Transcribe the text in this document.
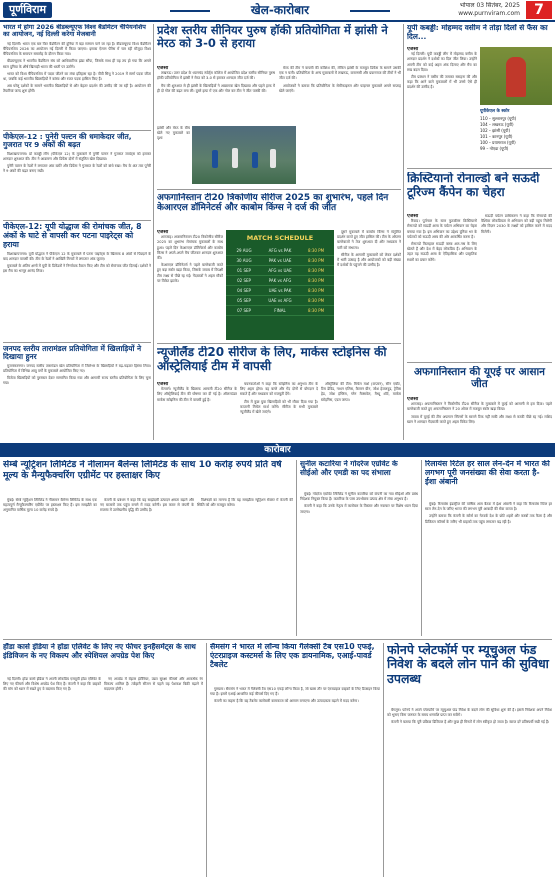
पूर्णविराम	खेल-कारोबार	भोपाल 03 सितंबर, 2025
www.purnviram.com	7
भारत में होगा 2026 बीडब्ल्यूएफ विश्व बैडमिंटन चैंपियनशिप का आयोजन, नई दिल्ली करेगा मेजबानी

नई दिल्ली। भारत एक बार फिर बैडमिंटन की दुनिया में बड़ा सम्मान पाने जा रहा है। बीडब्ल्यूएफ विश्व बैडमिंटन चैंपियनशिप 2026 का आयोजन नई दिल्ली में किया जाएगा। इसका ऐलान पेरिस में चल रही मौजूदा विश्व चैंपियनशिप के समापन समारोह के दौरान किया गया।

बीडब्ल्यूएफ ने भारतीय बैडमिंटन संघ को आधिकारिक झंडा सौंपा, जिसके साथ ही यह तय हो गया कि अगले साल दुनिया के शीर्ष खिलाड़ी भारत की धरती पर उतरेंगे।

भारत को विश्व चैंपियनशिप में पदक जीतने का लंबा इतिहास रहा है। पीवी सिंधु ने 2019 में स्वर्ण पदक जीता था, जबकि कई भारतीय खिलाड़ियों ने कांस्य और रजत पदक हासिल किए हैं।

अब घरेलू दर्शकों के सामने भारतीय खिलाड़ियों से और बेहतर प्रदर्शन की उम्मीद की जा रही है। आयोजन की तैयारियां जल्द शुरू होंगी।

पीकेएल-12 : पुनेरी पल्टन की धमाकेदार जीत, गुजरात पर 9 अंकों की बढ़त

विशाखापत्तनम। प्रो कबड्डी लीग (पीकेएल 12) के मुकाबले में पुनेरी पल्टन ने गुजरात जायंट्स को हराकर शानदार शुरुआत की। टीम ने आक्रमण और डिफेंस दोनों में संतुलित खेल दिखाया।

पुनेरी पल्टन के रेडरों ने लगातार अंक बटोरे और डिफेंस ने गुजरात के रेडरों को बांधे रखा। मैच के अंत तक पुनेरी ने 9 अंकों की बढ़त बनाए रखी।

पीकेएल-12: यूपी योद्धाज की रोमांचक जीत, 8 अंकों के घाटे से वापसी कर पटना पाइरेट्स को हराया

विशाखापत्तनम। यूपी योद्धाज ने पीकेएल 12 के मुकाबले में पटना पाइरेट्स के खिलाफ 8 अंकों से पिछड़ने के बाद शानदार वापसी की। टीम के रेडरों ने आखिरी मिनटों में लगातार अंक जुटाए।

मुकाबले के अंतिम क्षणों में यूपी के डिफेंडरों ने निर्णायक टैकल किए और टीम को रोमांचक जीत दिलाई। दर्शकों ने इस मैच का भरपूर आनंद लिया।

जनपद स्तरीय तारामंडल प्रतियोगिता में खिलाड़ियों ने दिखाया हुनर

मुजफ्फरनगर। जनपद स्तरीय तारामंडल खेल प्रतियोगिता में जिलेभर के खिलाड़ियों ने बढ़-चढ़कर हिस्सा लिया। प्रतियोगिता में विभिन्न आयु वर्गों के मुकाबले आयोजित किए गए।

विजेता खिलाड़ियों को पुरस्कार देकर सम्मानित किया गया और आगामी राज्य स्तरीय प्रतियोगिता के लिए चुना गया।

प्रदेश स्तरीय सीनियर पुरुष हॉकी प्रतियोगिता में झांसी ने मेरठ को 3-0 से हराया
एजेंसी

लखनऊ। उत्तर प्रदेश के ध्यानचंद स्पोर्ट्स कॉलेज में आयोजित प्रदेश स्तरीय सीनियर पुरुष हॉकी प्रतियोगिता में झांसी ने मेरठ को 3-0 से हराकर शानदार जीत दर्ज की।

मैच की शुरुआत से ही झांसी के खिलाड़ियों ने आक्रामक खेल दिखाया और पहले हाफ में ही दो गोल की बढ़त बना ली। दूसरे हाफ में एक और गोल कर टीम ने जीत पक्की की।

मेरठ की टीम ने वापसी की कोशिश की, लेकिन झांसी के मजबूत डिफेंस के सामने उसकी एक न चली। प्रतियोगिता के अन्य मुकाबलों में लखनऊ, वाराणसी और प्रयागराज की टीमों ने भी जीत दर्ज की।

आयोजकों ने बताया कि प्रतियोगिता के सेमीफाइनल और फाइनल मुकाबले अगले सप्ताह खेले जाएंगे।

झांसी और मेरठ के बीच खेले गए मुकाबले का दृश्य
अफगानिस्तान टी20 त्रिकोणीय सीरीज 2025 का शुभारंभ, पहले दिन केआरएल डॉमिनेटर्स और काबोम किंग्स ने दर्ज की जीत
एजेंसी

शारजाह। अफगानिस्तान टी20 त्रिकोणीय सीरीज 2025 का शुभारंभ रोमांचक मुकाबलों के साथ हुआ। पहले दिन केआरएल डॉमिनेटर्स और काबोम किंग्स ने अपने-अपने मैच जीतकर शानदार शुरुआत की।

केआरएल डॉमिनेटर्स ने पहले बल्लेबाजी करते हुए बड़ा स्कोर खड़ा किया, जिसके जवाब में विपक्षी टीम लक्ष्य से पीछे रह गई। गेंदबाजों ने अहम मौकों पर विकेट झटके।

MATCH SCHEDULE
29 AUG	AFG vs PAK	8:30 PM
30 AUG	PAK vs UAE	8:30 PM
01 SEP	AFG vs UAE	8:30 PM
02 SEP	PAK vs AFG	8:30 PM
04 SEP	UAE vs PAK	8:30 PM
05 SEP	UAE vs AFG	8:30 PM
07 SEP	FINAL	8:30 PM

दूसरे मुकाबले में काबोम किंग्स ने संतुलित प्रदर्शन करते हुए जीत हासिल की। टीम के ओपनर बल्लेबाजों ने तेज शुरुआत दी और मध्यक्रम ने पारी को संभाला।

सीरीज के आगामी मुकाबलों को लेकर दर्शकों में भारी उत्साह है और आयोजकों को बड़ी संख्या में दर्शकों के पहुंचने की उम्मीद है।

न्यूजीलैंड टी20 सीरीज के लिए, मार्कस स्टोइनिस की ऑस्ट्रेलियाई टीम में वापसी
एजेंसी

मेलबर्न। न्यूजीलैंड के खिलाफ आगामी टी20 सीरीज के लिए ऑस्ट्रेलियाई टीम की घोषणा कर दी गई है। ऑलराउंडर मार्कस स्टोइनिस की टीम में वापसी हुई है।

चयनकर्ताओं ने कहा कि स्टोइनिस का अनुभव टीम के लिए अहम होगा। वह बल्ले और गेंद दोनों से योगदान दे सकते हैं और मध्यक्रम को मजबूती देंगे।

टीम में कुछ युवा खिलाड़ियों को भी मौका दिया गया है। कप्तानी मिचेल मार्श करेंगे। सीरीज के सभी मुकाबले न्यूजीलैंड में खेले जाएंगे।

ऑस्ट्रेलिया की टीम: मिचेल मार्श (कप्तान), सीन एबॉट, टिम डेविड, नाथन एलिस, कैमरन ग्रीन, जोश हेजलवुड, ट्रेविस हेड, जोश इंग्लिस, ग्लेन मैक्सवेल, मैथ्यू शॉर्ट, मार्कस स्टोइनिस, एडम जम्पा।

यूपी कबड्डी: मोहम्मद वसीम ने तोड़ा दिलों से फैंस का दिल...
एजेंसी

नई दिल्ली। यूपी कबड्डी लीग में मोहम्मद वसीम के शानदार प्रदर्शन ने दर्शकों का दिल जीत लिया। उन्होंने अपनी टीम को कई अहम अंक दिलाए और मैच का रुख बदल दिया।

टीम प्रबंधन ने वसीम की जमकर सराहना की और कहा कि आने वाले मुकाबलों में भी उनसे ऐसे ही प्रदर्शन की उम्मीद है।

यूपीकेएल के स्कोर
110 – सुल्तानपुर (यूपी)
104 – लखनऊ (यूपी)
102 – झांसी (यूपी)
101 – कानपुर (यूपी)
100 – प्रयागराज (यूपी)
99 – नोएडा (यूपी)
क्रिस्टियानो रोनाल्डो बने सऊदी टूरिज्म कैंपेन का चेहरा
एजेंसी

रियाद। पुर्तगाल के स्टार फुटबॉलर क्रिस्टियानो रोनाल्डो को सऊदी अरब के पर्यटन अभियान का चेहरा बनाया गया है। इस अभियान का उद्देश्य दुनिया भर के पर्यटकों को सऊदी अरब की ओर आकर्षित करना है।

रोनाल्डो फिलहाल सऊदी क्लब अल-नस्र के लिए खेलते हैं और देश में बेहद लोकप्रिय हैं। अभियान के तहत वह सऊदी अरब के ऐतिहासिक और प्राकृतिक स्थलों का प्रचार करेंगे।

सऊदी पर्यटन प्राधिकरण ने कहा कि रोनाल्डो की वैश्विक लोकप्रियता से अभियान को बड़ी पहुंच मिलेगी और विज़न 2030 के लक्ष्यों को हासिल करने में मदद मिलेगी।

अफगानिस्तान की यूएई पर आसान जीत
एजेंसी

शारजाह। अफगानिस्तान ने त्रिकोणीय टी20 सीरीज के मुकाबले में यूएई को आसानी से हरा दिया। पहले बल्लेबाजी करते हुए अफगानिस्तान ने 20 ओवर में मजबूत स्कोर खड़ा किया।

जवाब में यूएई की टीम अफगान स्पिनरों के सामने टिक नहीं सकी और लक्ष्य से काफी पीछे रह गई। राशिद खान ने शानदार गेंदबाजी करते हुए अहम विकेट लिए।

कारोबार
सेम्बे न्यूट्रिशन लिमिटेड ने नीलामन बैलेन्स लिमिटेड के साथ 10 करोड़ रुपये प्रति वर्ष मूल्य के मैन्युफैक्चरिंग एग्रीमेंट पर हस्ताक्षर किए

मुंबई। सेम्बे न्यूट्रिशन लिमिटेड ने नीलामन बैलेन्स लिमिटेड के साथ एक महत्वपूर्ण मैन्युफैक्चरिंग एग्रीमेंट पर हस्ताक्षर किए हैं। इस समझौते का अनुमानित वार्षिक मूल्य 10 करोड़ रुपये है।

कंपनी के प्रबंधन ने कहा कि यह साझेदारी उत्पादन क्षमता बढ़ाने और नए बाजारों तक पहुंच बनाने में मदद करेगी। इस करार से कंपनी के राजस्व में उल्लेखनीय वृद्धि की उम्मीद है।

विशेषज्ञों का मानना है कि यह समझौता न्यूट्रिशन सेक्टर में कंपनी की स्थिति को और मजबूत करेगा।

सुनील कटारिया ने गोदरेज एग्रोवेट के सीईओ और एमडी का पद संभाला

मुंबई। गोदरेज एग्रोवेट लिमिटेड ने सुनील कटारिया को कंपनी का नया सीईओ और प्रबंध निदेशक नियुक्त किया है। कटारिया के पास उपभोक्ता उत्पाद क्षेत्र में लंबा अनुभव है।

कंपनी ने कहा कि उनके नेतृत्व में कारोबार के विस्तार और नवाचार पर विशेष ध्यान दिया जाएगा।

रिलायंस रिटेल हर साल लेन-देन में भारत की लगभग पूरी जनसंख्या की सेवा करता है- ईशा अंबानी

मुंबई। रिलायंस इंडस्ट्रीज की वार्षिक आम बैठक में ईशा अंबानी ने कहा कि रिलायंस रिटेल हर साल लेन-देन के जरिए भारत की लगभग पूरी आबादी की सेवा करता है।

उन्होंने बताया कि कंपनी के स्टोर्स का नेटवर्क देश के छोटे शहरों और कस्बों तक फैला है और डिजिटल कॉमर्स के जरिए भी ग्राहकों तक पहुंच लगातार बढ़ रही है।

हौंडा कार्स इंडिया ने होंडा एलिवेट के लिए नए फीचर इनहैंसमेंट्स के साथ इंडिविजन के नए विकल्प और स्पेशियल अपग्रेड पेश किए

नई दिल्ली। होंडा कार्स इंडिया ने अपनी लोकप्रिय एसयूवी होंडा एलिवेट के लिए नए फीचर्स और विशेष अपग्रेड पेश किए हैं। कंपनी ने कहा कि ग्राहकों की मांग को ध्यान में रखते हुए ये बदलाव किए गए हैं।

नए अपग्रेड में बेहतर इंटीरियर, उन्नत सुरक्षा फीचर्स और आकर्षक रंग विकल्प शामिल हैं। त्योहारी सीजन से पहले यह पेशकश बिक्री बढ़ाने में मददगार होगी।

सैमसंग ने भारत में लॉन्च किया गैलेक्सी टैब एस10 एफई, एंटरप्राइज कस्टमर्स के लिए एक डायनामिक, एआई-पावर्ड टैबलेट

गुरुग्राम। सैमसंग ने भारत में गैलेक्सी टैब एस10 एफई लॉन्च किया है, जो खास तौर पर एंटरप्राइज ग्राहकों के लिए डिजाइन किया गया है। इसमें एआई आधारित कई फीचर्स दिए गए हैं।

कंपनी का कहना है कि यह टैबलेट कारोबारी कामकाज को आसान बनाएगा और उत्पादकता बढ़ाने में मदद करेगा।

फोनपे प्लेटफॉर्म पर म्यूचुअल फंड निवेश के बदले लोन पाने की सुविधा उपलब्ध

बेंगलुरु। फोनपे ने अपने प्लेटफॉर्म पर म्यूचुअल फंड निवेश के बदले लोन की सुविधा शुरू की है। इससे निवेशक अपने निवेश को भुनाए बिना जरूरत के समय धनराशि प्राप्त कर सकेंगे।

कंपनी ने बताया कि पूरी प्रक्रिया डिजिटल है और कुछ ही मिनटों में लोन स्वीकृत हो जाता है। ब्याज दरें प्रतिस्पर्धी रखी गई हैं।
